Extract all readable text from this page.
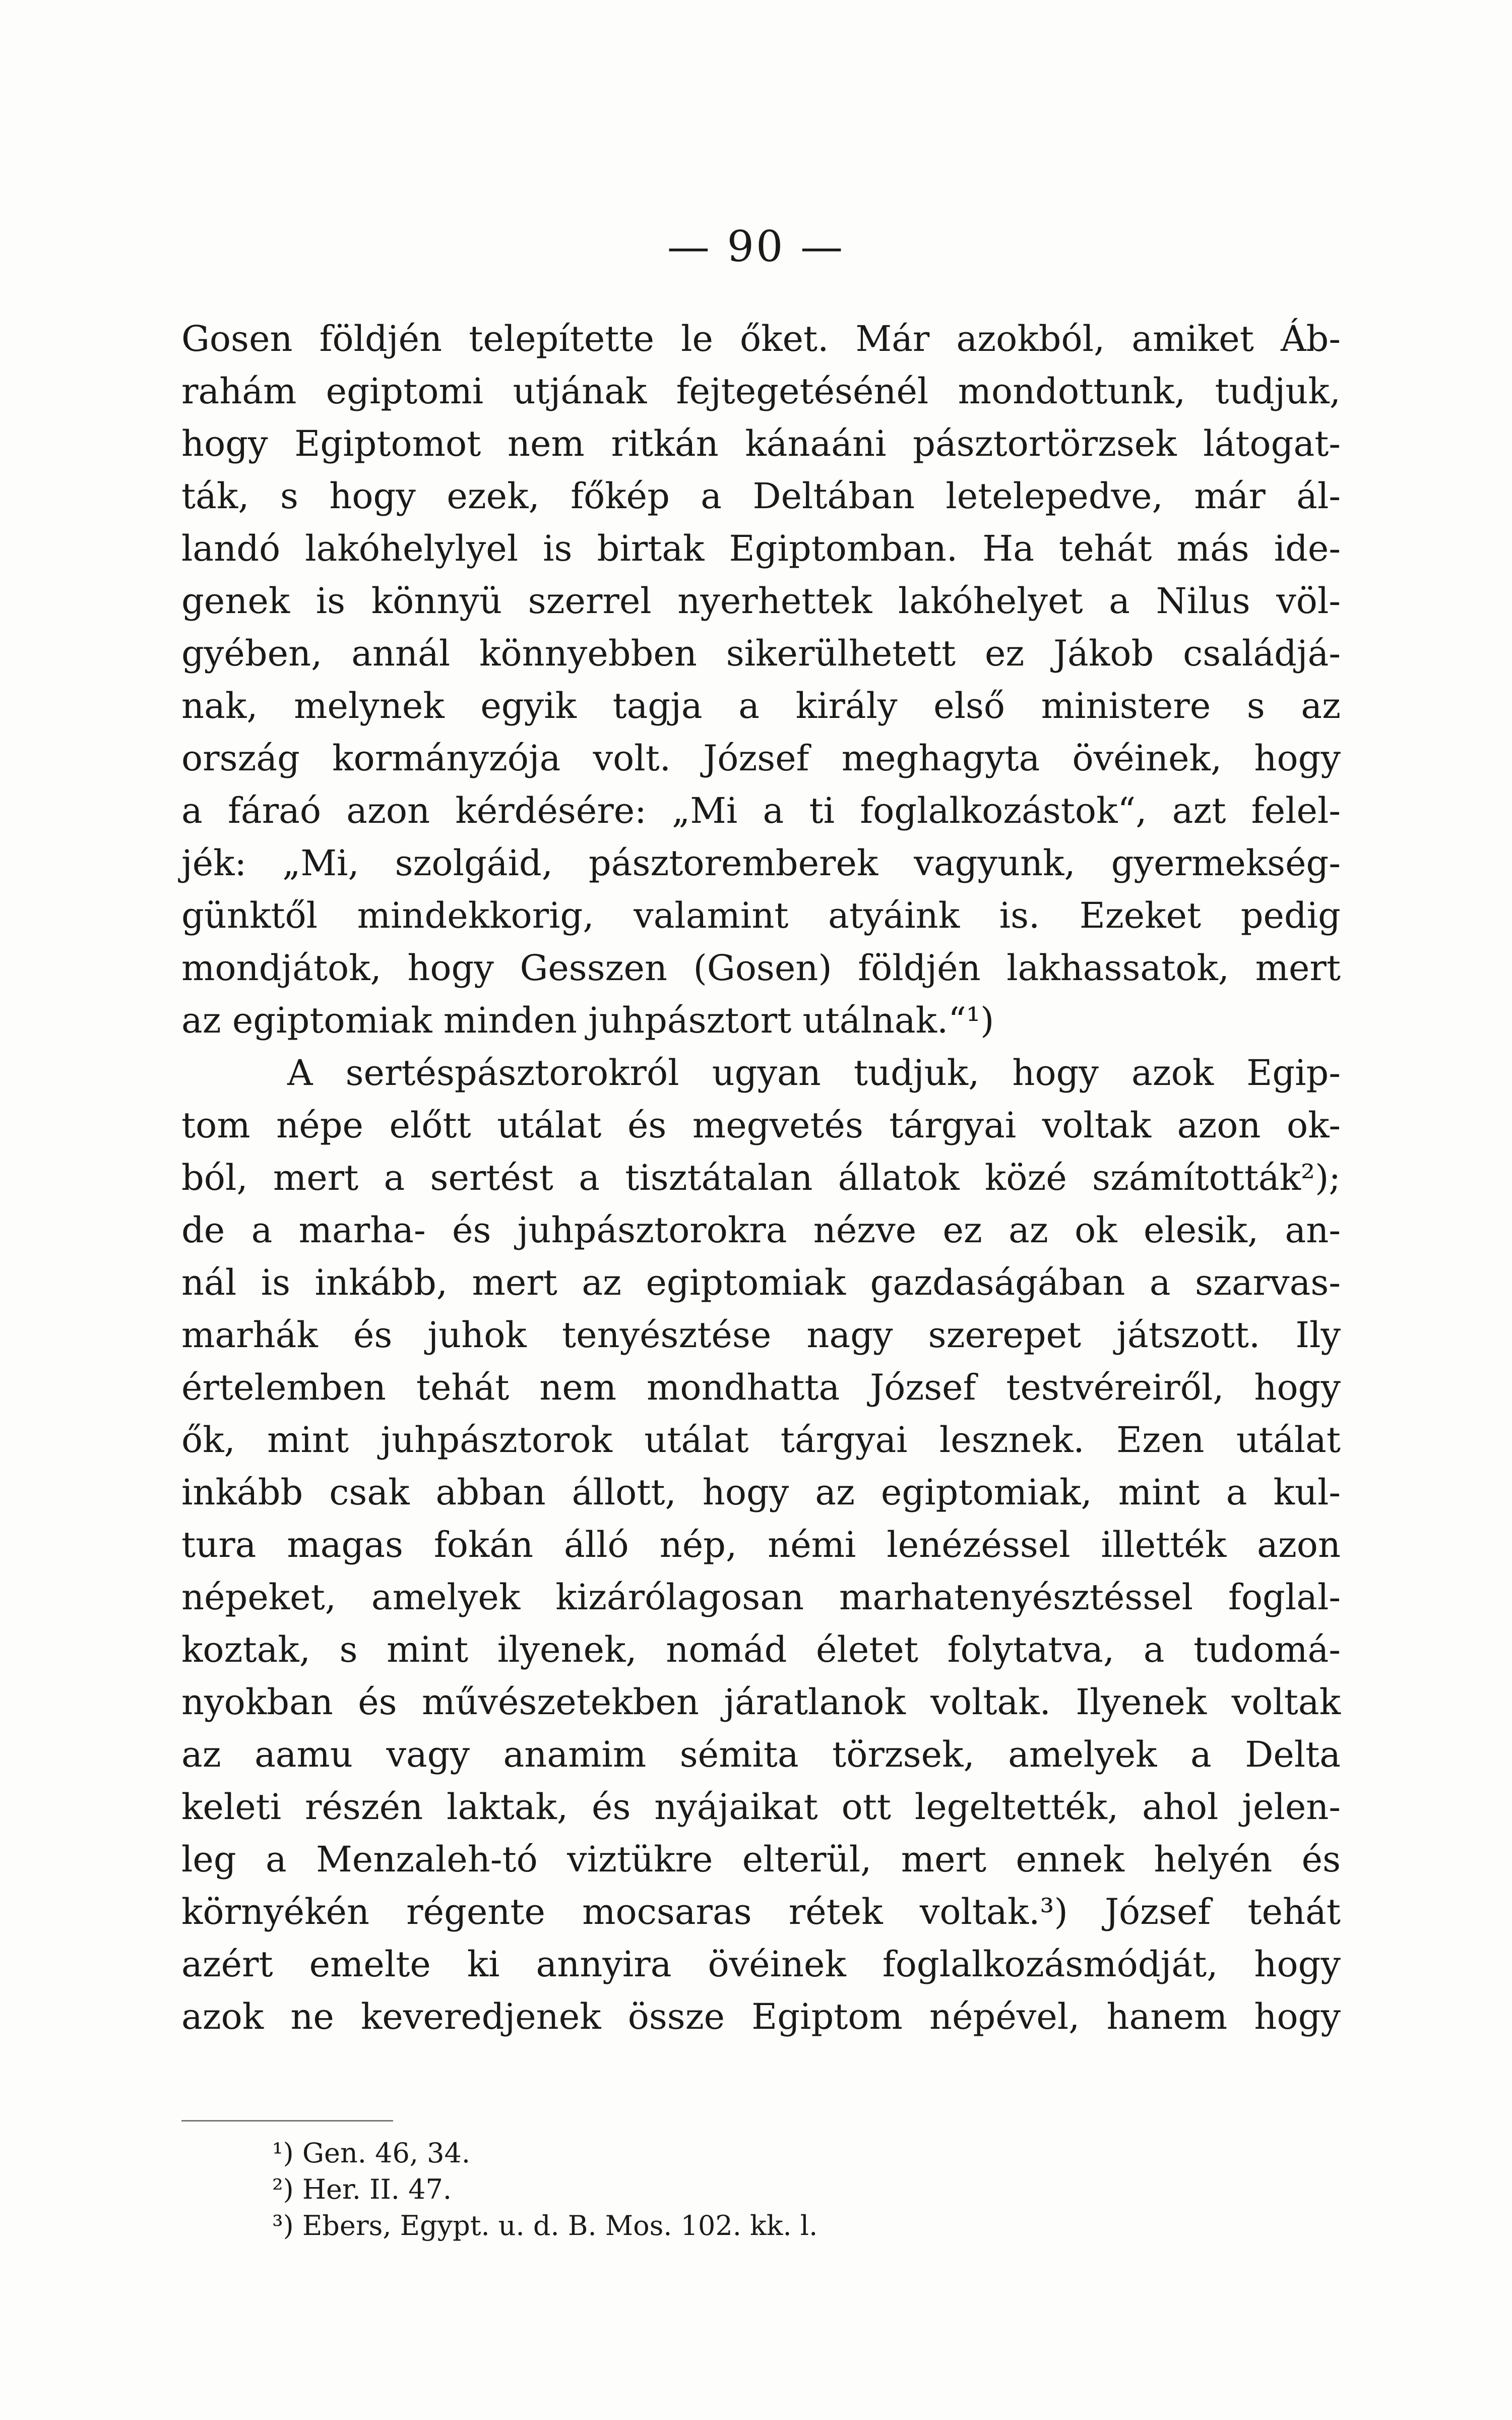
— 90 —
Gosen földjén telepítette le őket. Már azokból, amiket Áb-
rahám egiptomi utjának fejtegetésénél mondottunk, tudjuk,
hogy Egiptomot nem ritkán kánaáni pásztortörzsek látogat-
ták, s hogy ezek, főkép a Deltában letelepedve, már ál-
landó lakóhelylyel is birtak Egiptomban. Ha tehát más ide-
genek is könnyü szerrel nyerhettek lakóhelyet a Nilus völ-
gyében, annál könnyebben sikerülhetett ez Jákob családjá-
nak, melynek egyik tagja a király első ministere s az
ország kormányzója volt. József meghagyta övéinek, hogy
a fáraó azon kérdésére: „Mi a ti foglalkozástok“, azt felel-
jék: „Mi, szolgáid, pásztoremberek vagyunk, gyermekség-
günktől mindekkorig, valamint atyáink is. Ezeket pedig
mondjátok, hogy Gesszen (Gosen) földjén lakhassatok, mert
az egiptomiak minden juhpásztort utálnak.“¹)
A sertéspásztorokról ugyan tudjuk, hogy azok Egip-
tom népe előtt utálat és megvetés tárgyai voltak azon ok-
ból, mert a sertést a tisztátalan állatok közé számították²);
de a marha- és juhpásztorokra nézve ez az ok elesik, an-
nál is inkább, mert az egiptomiak gazdaságában a szarvas-
marhák és juhok tenyésztése nagy szerepet játszott. Ily
értelemben tehát nem mondhatta József testvéreiről, hogy
ők, mint juhpásztorok utálat tárgyai lesznek. Ezen utálat
inkább csak abban állott, hogy az egiptomiak, mint a kul-
tura magas fokán álló nép, némi lenézéssel illették azon
népeket, amelyek kizárólagosan marhatenyésztéssel foglal-
koztak, s mint ilyenek, nomád életet folytatva, a tudomá-
nyokban és művészetekben járatlanok voltak. Ilyenek voltak
az aamu vagy anamim sémita törzsek, amelyek a Delta
keleti részén laktak, és nyájaikat ott legeltették, ahol jelen-
leg a Menzaleh-tó viztükre elterül, mert ennek helyén és
környékén régente mocsaras rétek voltak.³) József tehát
azért emelte ki annyira övéinek foglalkozásmódját, hogy
azok ne keveredjenek össze Egiptom népével, hanem hogy
¹) Gen. 46, 34.
²) Her. II. 47.
³) Ebers, Egypt. u. d. B. Mos. 102. kk. l.
